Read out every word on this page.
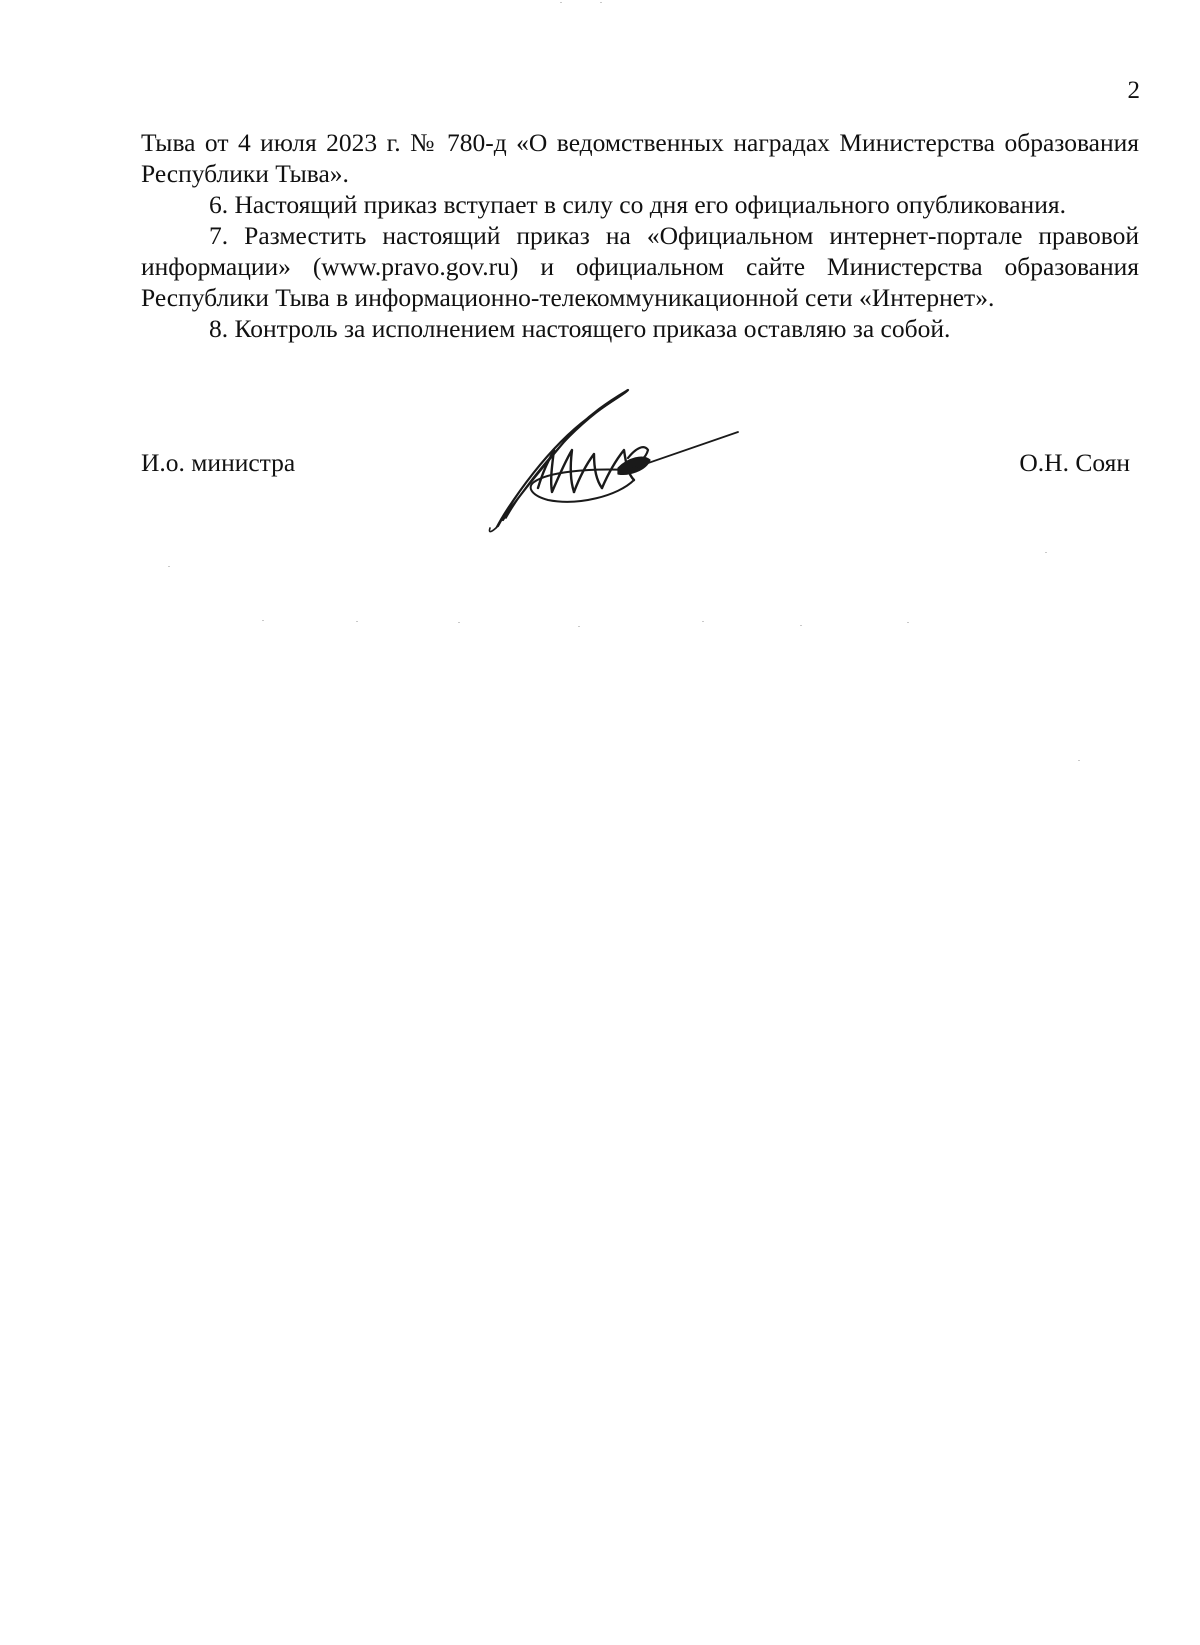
2

Тыва от 4 июля 2023 г. № 780-д «О ведомственных наградах Министерства образования Республики Тыва».

6. Настоящий приказ вступает в силу со дня его официального опубликования.

7. Разместить настоящий приказ на «Официальном интернет-портале правовой информации» (www.pravo.gov.ru) и официальном сайте Министерства образования Республики Тыва в информационно-телекоммуникационной сети «Интернет».

8. Контроль за исполнением настоящего приказа оставляю за собой.

И.о. министра	О.Н. Соян
